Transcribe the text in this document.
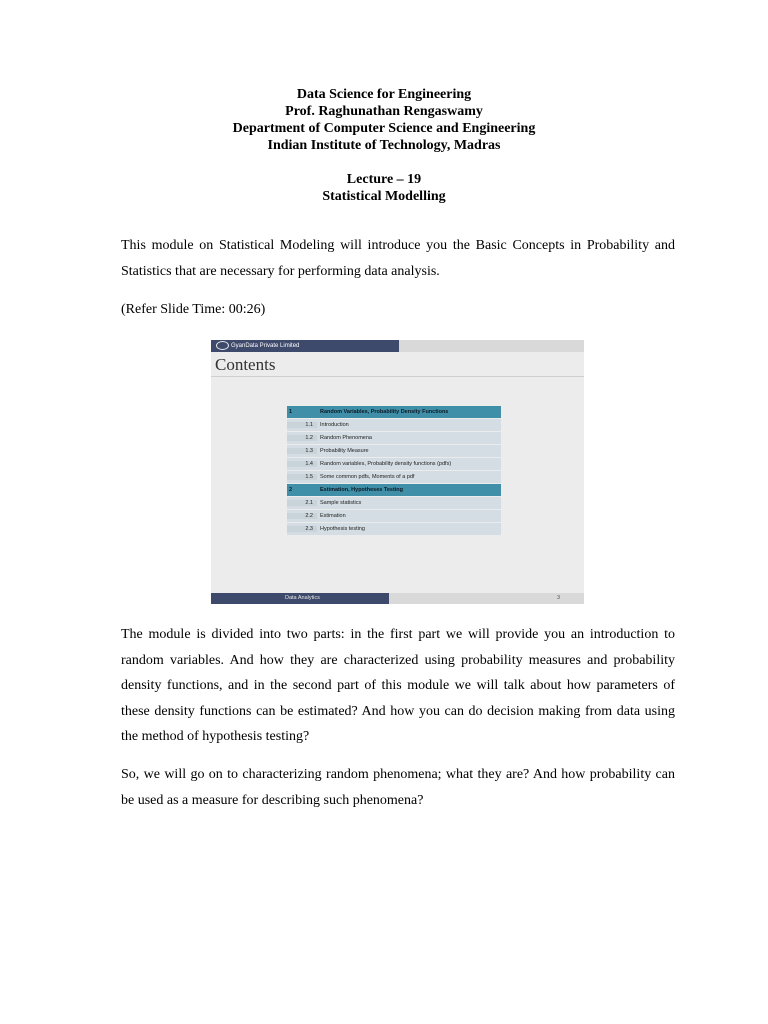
Data Science for Engineering
Prof. Raghunathan Rengaswamy
Department of Computer Science and Engineering
Indian Institute of Technology, Madras
Lecture – 19
Statistical Modelling
This module on Statistical Modeling will introduce you the Basic Concepts in Probability and Statistics that are necessary for performing data analysis.
(Refer Slide Time: 00:26)
GyanData Private Limited
Contents
1	Random Variables, Probability Density Functions
1.1	Introduction
1.2	Random Phenomena
1.3	Probability Measure
1.4	Random variables, Probability density functions (pdfs)
1.5	Some common pdfs, Moments of a pdf
2	Estimation, Hypotheses Testing
2.1	Sample statistics
2.2	Estimation
2.3	Hypothesis testing
Data Analytics	3
The module is divided into two parts: in the first part we will provide you an introduction to random variables. And how they are characterized using probability measures and probability density functions, and in the second part of this module we will talk about how parameters of these density functions can be estimated? And how you can do decision making from data using the method of hypothesis testing?
So, we will go on to characterizing random phenomena; what they are? And how probability can be used as a measure for describing such phenomena?
